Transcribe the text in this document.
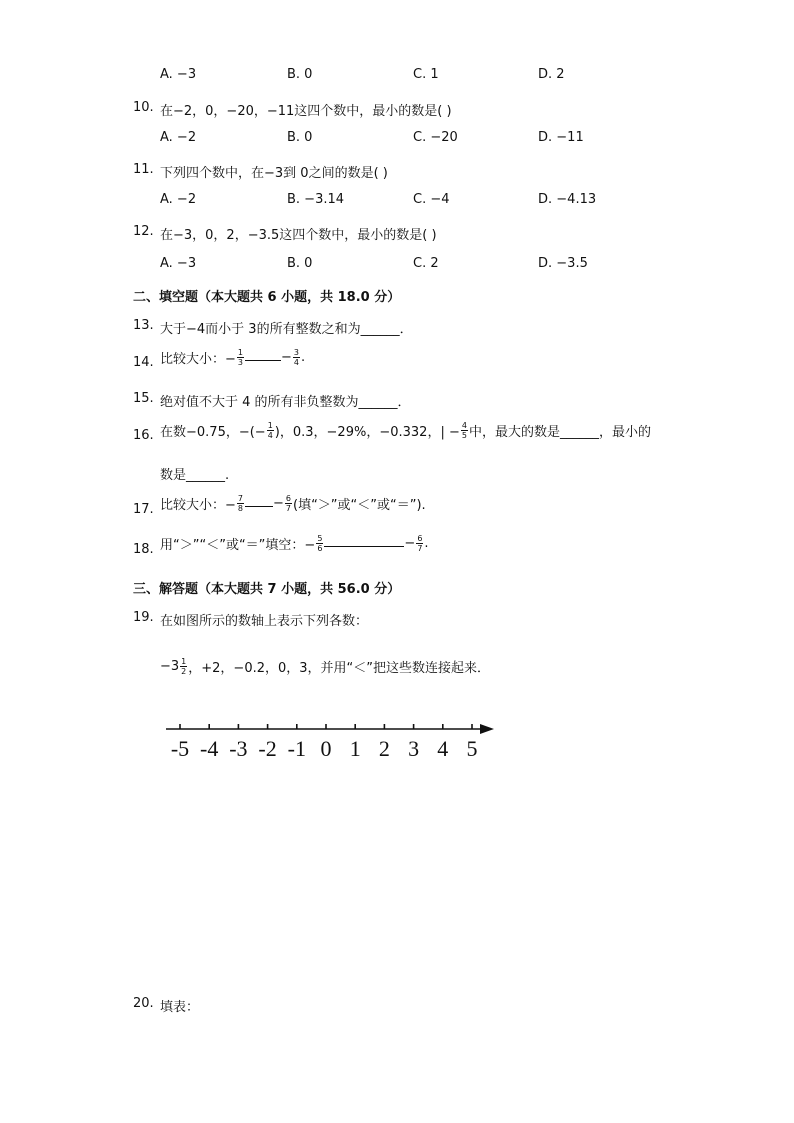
A. −3	B. 0	C. 1	D. 2
10. 在−2，0，−20，−11这四个数中，最小的数是( )
A. −2	B. 0	C. −20	D. −11
11. 下列四个数中，在−3到 0之间的数是( )
A. −2	B. −3.14	C. −4	D. −4.13
12. 在−3，0，2，−3.5这四个数中，最小的数是( )
A. −3	B. 0	C. 2	D. −3.5
二、填空题（本大题共 6 小题，共 18.0 分）
13. 大于−4而小于 3的所有整数之和为______．
14. 比较大小：− $\frac{1}{3}$	− $\frac{3}{4}$ .
15. 绝对值不大于 4 的所有非负整数为______．
16. 在数−0.75，−(− $\frac{1}{4}$ )，0.3，−29%，−0.332，| − $\frac{4}{5}$ 中，最大的数是______，最小的
数是______.
17. 比较大小：− $\frac{7}{8} - \frac{6}{7}$ (填“＞”或“＜”或“＝”).
18. 用“＞”“＜”或“＝”填空：− $\frac{5}{6}$	− $\frac{6}{7}$ .
三、解答题（本大题共 7 小题，共 56.0 分）
19. 在如图所示的数轴上表示下列各数：
$-3 \frac{1}{2}$ ，+2，−0.2，0，3，并用“＜”把这些数连接起来．
-5 -4 -3 -2 -1 0 1 2 3 4 5
20. 填表：
